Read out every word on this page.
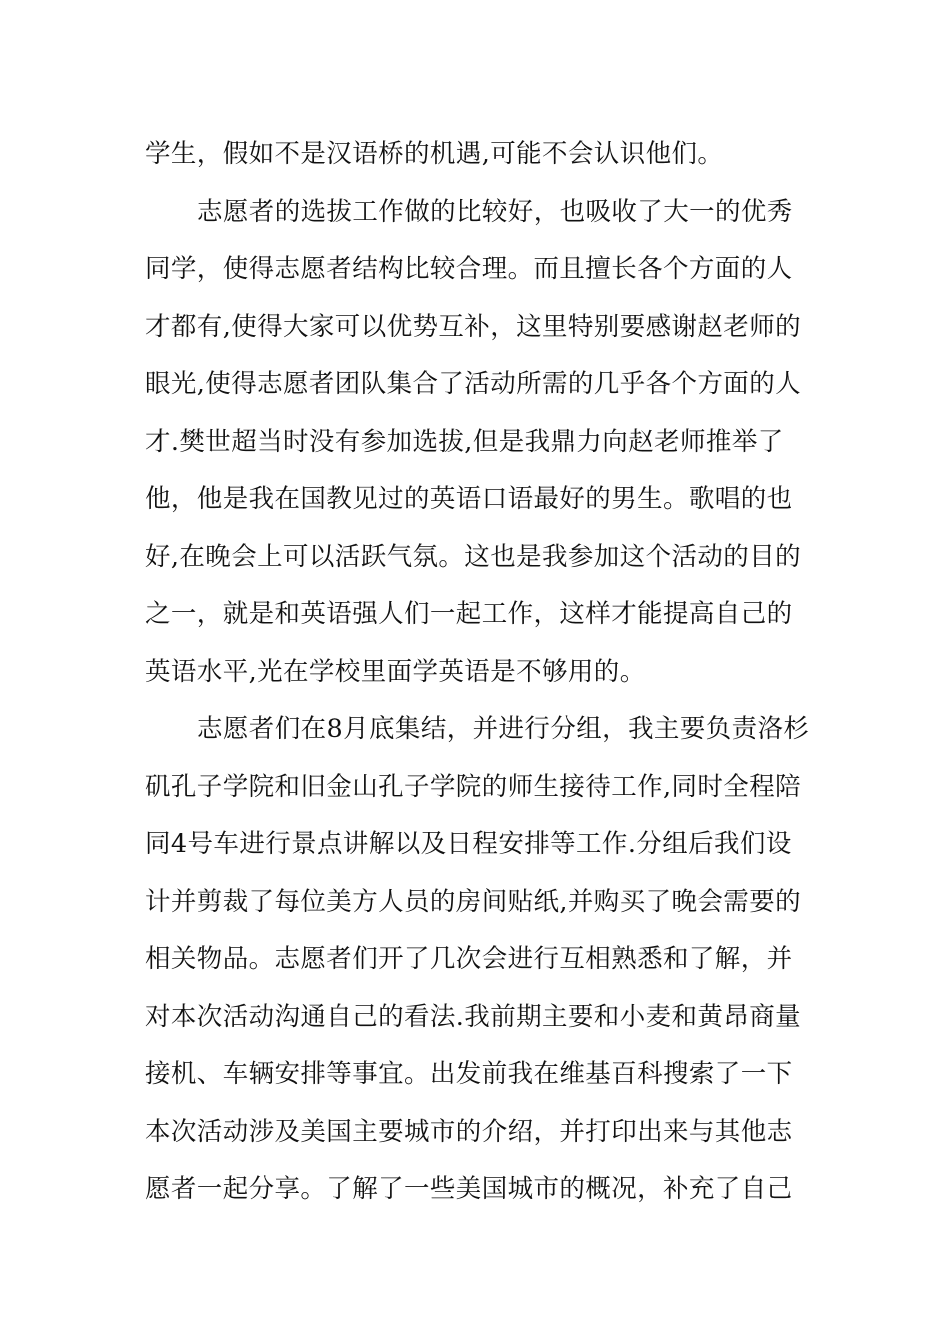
学生，假如不是汉语桥的机遇,可能不会认识他们。
志愿者的选拔工作做的比较好，也吸收了大一的优秀
同学，使得志愿者结构比较合理。而且擅长各个方面的人
才都有,使得大家可以优势互补，这里特别要感谢赵老师的
眼光,使得志愿者团队集合了活动所需的几乎各个方面的人
才.樊世超当时没有参加选拔,但是我鼎力向赵老师推举了
他，他是我在国教见过的英语口语最好的男生。歌唱的也
好,在晚会上可以活跃气氛。这也是我参加这个活动的目的
之一，就是和英语强人们一起工作，这样才能提高自己的
英语水平,光在学校里面学英语是不够用的。
志愿者们在8月底集结，并进行分组，我主要负责洛杉
矶孔子学院和旧金山孔子学院的师生接待工作,同时全程陪
同4号车进行景点讲解以及日程安排等工作.分组后我们设
计并剪裁了每位美方人员的房间贴纸,并购买了晚会需要的
相关物品。志愿者们开了几次会进行互相熟悉和了解，并
对本次活动沟通自己的看法.我前期主要和小麦和黄昂商量
接机、车辆安排等事宜。出发前我在维基百科搜索了一下
本次活动涉及美国主要城市的介绍，并打印出来与其他志
愿者一起分享。了解了一些美国城市的概况，补充了自己
